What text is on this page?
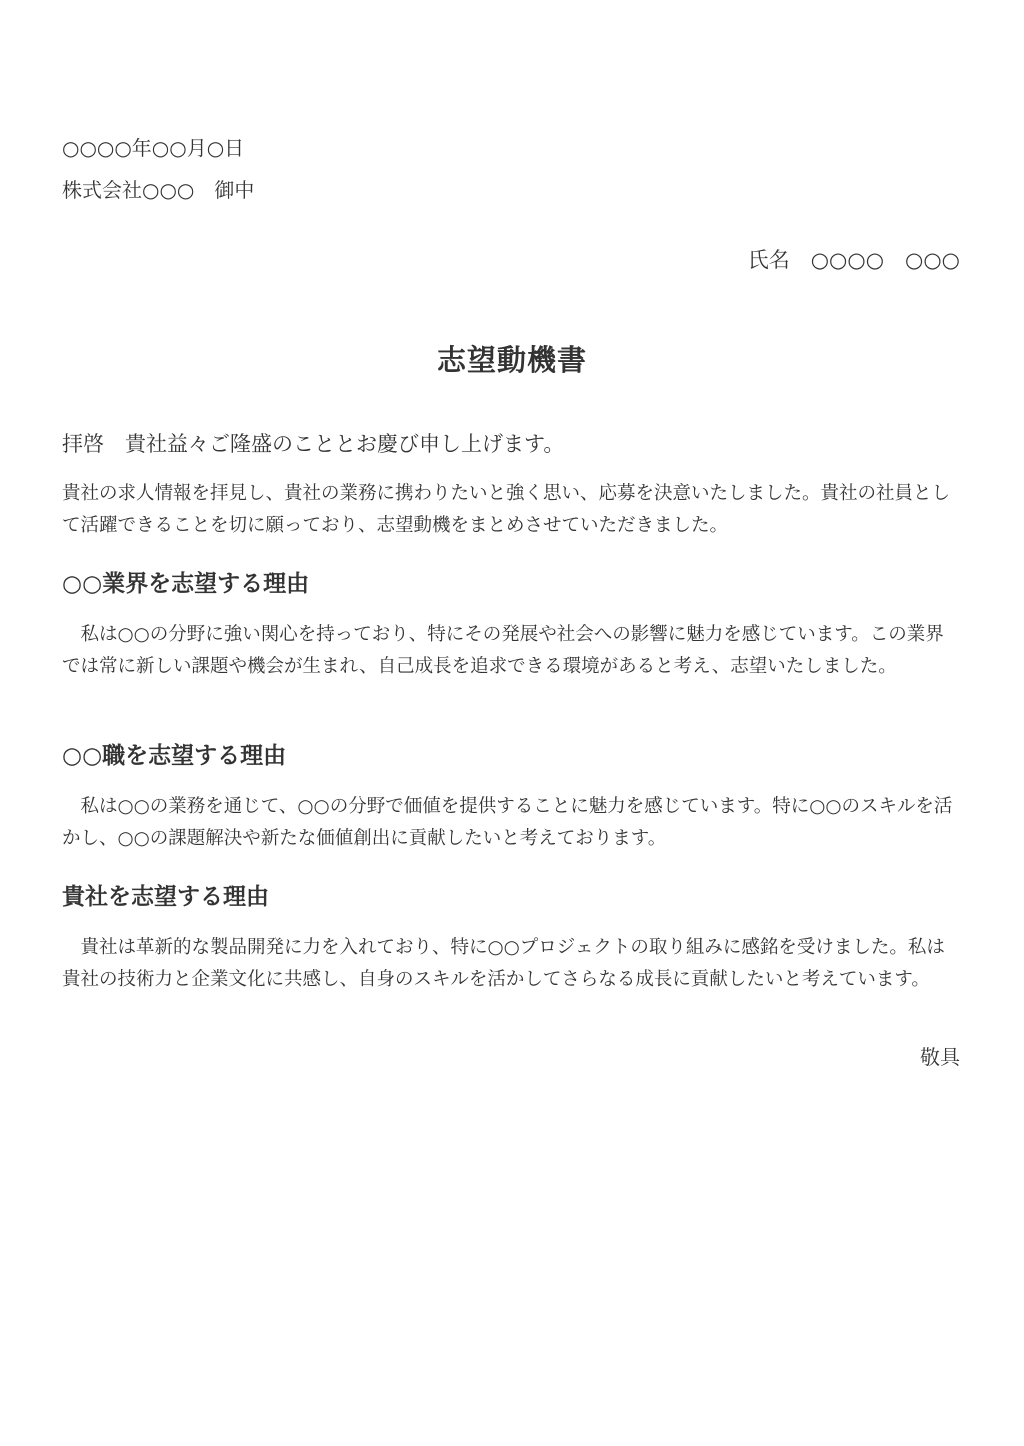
○○○○年○○月○日
株式会社○○○　御中
氏名　○○○○　○○○
志望動機書
拝啓　貴社益々ご隆盛のこととお慶び申し上げます。
貴社の求人情報を拝見し、貴社の業務に携わりたいと強く思い、応募を決意いたしました。貴社の社員として活躍できることを切に願っており、志望動機をまとめさせていただきました。
○○業界を志望する理由
私は○○の分野に強い関心を持っており、特にその発展や社会への影響に魅力を感じています。この業界では常に新しい課題や機会が生まれ、自己成長を追求できる環境があると考え、志望いたしました。
○○職を志望する理由
私は○○の業務を通じて、○○の分野で価値を提供することに魅力を感じています。特に○○のスキルを活かし、○○の課題解決や新たな価値創出に貢献したいと考えております。
貴社を志望する理由
貴社は革新的な製品開発に力を入れており、特に○○プロジェクトの取り組みに感銘を受けました。私は貴社の技術力と企業文化に共感し、自身のスキルを活かしてさらなる成長に貢献したいと考えています。
敬具
